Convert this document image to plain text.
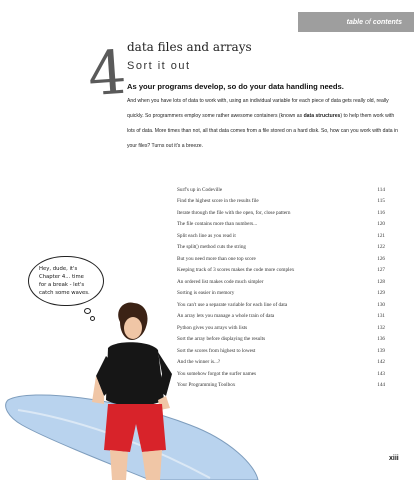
table of contents
4
data files and arrays
Sort it out

As your programs develop, so do your data handling needs.

And when you have lots of data to work with, using an individual variable for each piece of data gets really old, really quickly. So programmers employ some rather awesome containers (known as data structures) to help them work with lots of data. More times than not, all that data comes from a file stored on a hard disk. So, how can you work with data in your files? Turns out it's a breeze.

Surf's up in Codeville	114
Find the highest score in the results file	115
Iterate through the file with the open, for, close pattern	116
The file contains more than numbers...	120
Split each line as you read it	121
The split() method cuts the string	122
But you need more than one top score	126
Keeping track of 3 scores makes the code more complex	127
An ordered list makes code much simpler	128
Sorting is easier in memory	129
You can't use a separate variable for each line of data	130
An array lets you manage a whole train of data	131
Python gives you arrays with lists	132
Sort the array before displaying the results	136
Sort the scores from highest to lowest	139
And the winner is...?	142
You somehow forgot the surfer names	143
Your Programming Toolbox	144
Hey, dude, it's
Chapter 4... time
for a break - let's
catch some waves.
xiii
